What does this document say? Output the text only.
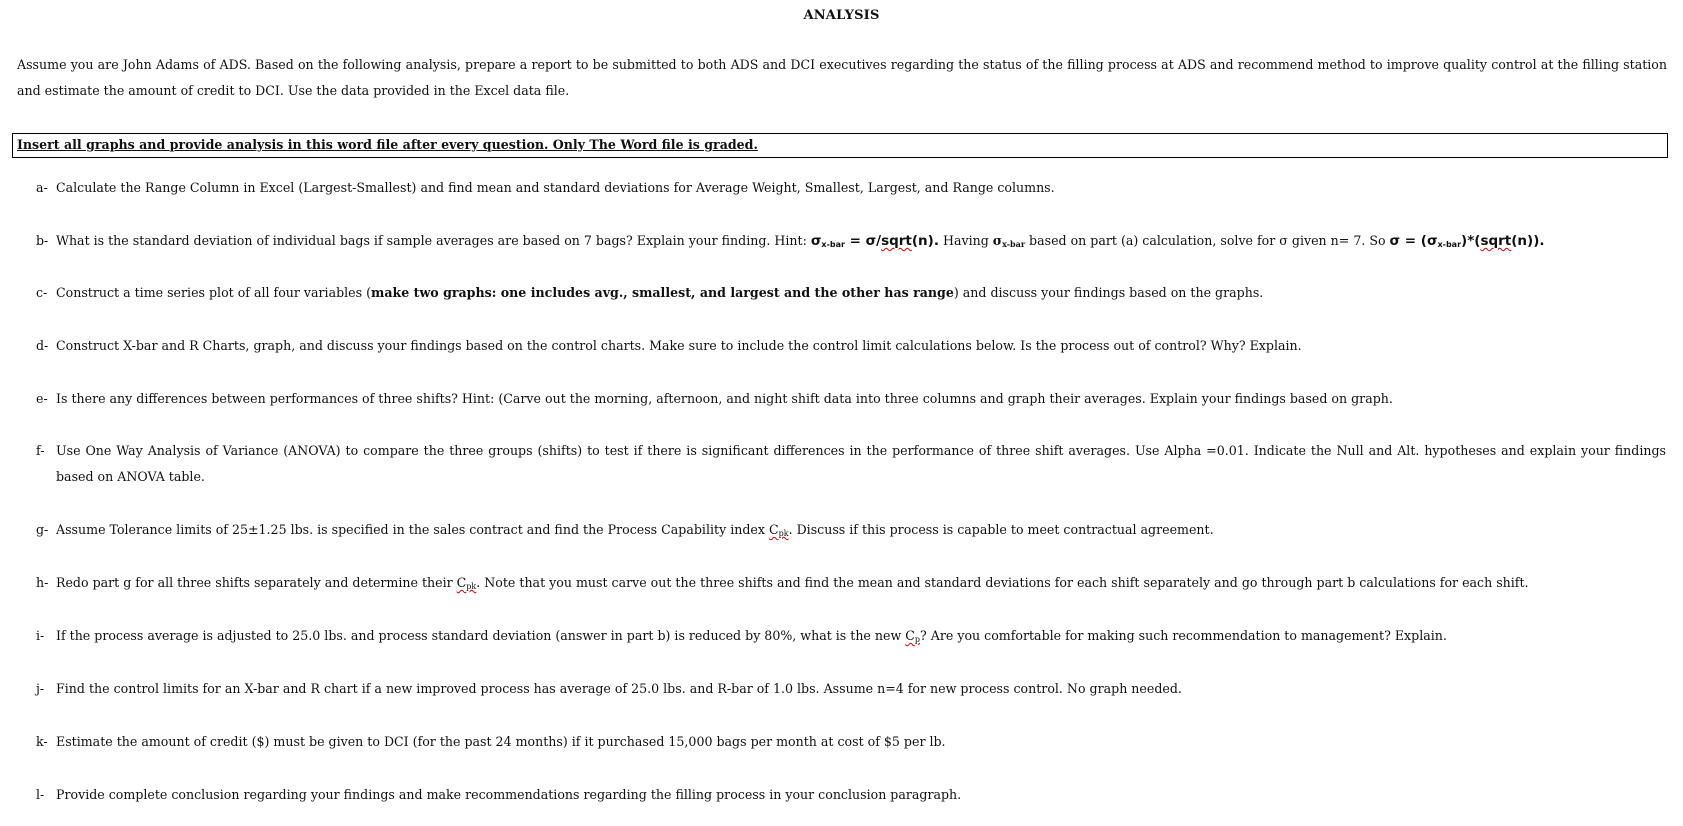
ANALYSIS
Assume you are John Adams of ADS. Based on the following analysis, prepare a report to be submitted to both ADS and DCI executives regarding the status of the filling process at ADS and recommend method to improve quality control at the filling station and estimate the amount of credit to DCI. Use the data provided in the Excel data file.
Insert all graphs and provide analysis in this word file after every question. Only The Word file is graded.
a- Calculate the Range Column in Excel (Largest-Smallest) and find mean and standard deviations for Average Weight, Smallest, Largest, and Range columns.
b- What is the standard deviation of individual bags if sample averages are based on 7 bags? Explain your finding. Hint: $\sigma_{x-bar}$ = σ/sqrt(n). Having $\sigma_{x-bar}$ based on part (a) calculation, solve for σ given n= 7. So $\sigma = (\sigma_{x-bar})*(sqrt(n))$.
c- Construct a time series plot of all four variables (make two graphs: one includes avg., smallest, and largest and the other has range) and discuss your findings based on the graphs.
d- Construct X-bar and R Charts, graph, and discuss your findings based on the control charts. Make sure to include the control limit calculations below. Is the process out of control? Why? Explain.
e- Is there any differences between performances of three shifts? Hint: (Carve out the morning, afternoon, and night shift data into three columns and graph their averages. Explain your findings based on graph.
f- Use One Way Analysis of Variance (ANOVA) to compare the three groups (shifts) to test if there is significant differences in the performance of three shift averages. Use Alpha =0.01. Indicate the Null and Alt. hypotheses and explain your findings based on ANOVA table.
g- Assume Tolerance limits of 25±1.25 lbs. is specified in the sales contract and find the Process Capability index $C_{pk}$. Discuss if this process is capable to meet contractual agreement.
h- Redo part g for all three shifts separately and determine their $C_{pk}$. Note that you must carve out the three shifts and find the mean and standard deviations for each shift separately and go through part b calculations for each shift.
i- If the process average is adjusted to 25.0 lbs. and process standard deviation (answer in part b) is reduced by 80%, what is the new $C_p$? Are you comfortable for making such recommendation to management? Explain.
j- Find the control limits for an X-bar and R chart if a new improved process has average of 25.0 lbs. and R-bar of 1.0 lbs. Assume n=4 for new process control. No graph needed.
k- Estimate the amount of credit ($) must be given to DCI (for the past 24 months) if it purchased 15,000 bags per month at cost of $5 per lb.
l- Provide complete conclusion regarding your findings and make recommendations regarding the filling process in your conclusion paragraph.
